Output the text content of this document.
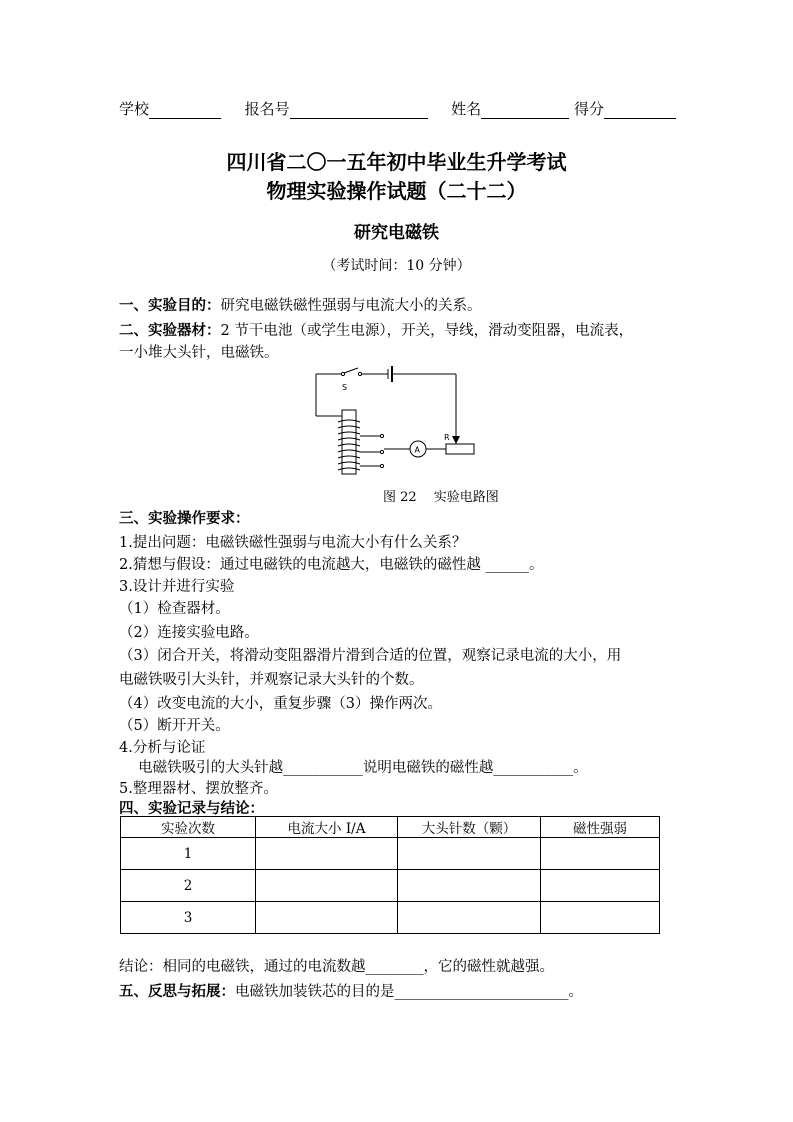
学校	报名号	姓名	得分
四川省二〇一五年初中毕业生升学考试
物理实验操作试题（二十二）
研究电磁铁
（考试时间：10 分钟）
一、实验目的：研究电磁铁磁性强弱与电流大小的关系。
二、实验器材：2 节干电池（或学生电源），开关，导线，滑动变阻器，电流表，
一小堆大头针，电磁铁。
S
R
A
图 22　 实验电路图
三、实验操作要求：
1.提出问题：电磁铁磁性强弱与电流大小有什么关系？
2.猜想与假设：通过电磁铁的电流越大，电磁铁的磁性越 ______。
3.设计并进行实验
（1）检查器材。
（2）连接实验电路。
（3）闭合开关，将滑动变阻器滑片滑到合适的位置，观察记录电流的大小，用
电磁铁吸引大头针，并观察记录大头针的个数。
（4）改变电流的大小，重复步骤（3）操作两次。
（5）断开开关。
4.分析与论证
　 电磁铁吸引的大头针越___________说明电磁铁的磁性越___________。
5.整理器材、摆放整齐。
四、实验记录与结论：
实验次数	电流大小 I/A	大头针数（颗）	磁性强弱
1			
2			
3			
结论：相同的电磁铁，通过的电流数越________，它的磁性就越强。
五、反思与拓展：电磁铁加装铁芯的目的是________________________。
